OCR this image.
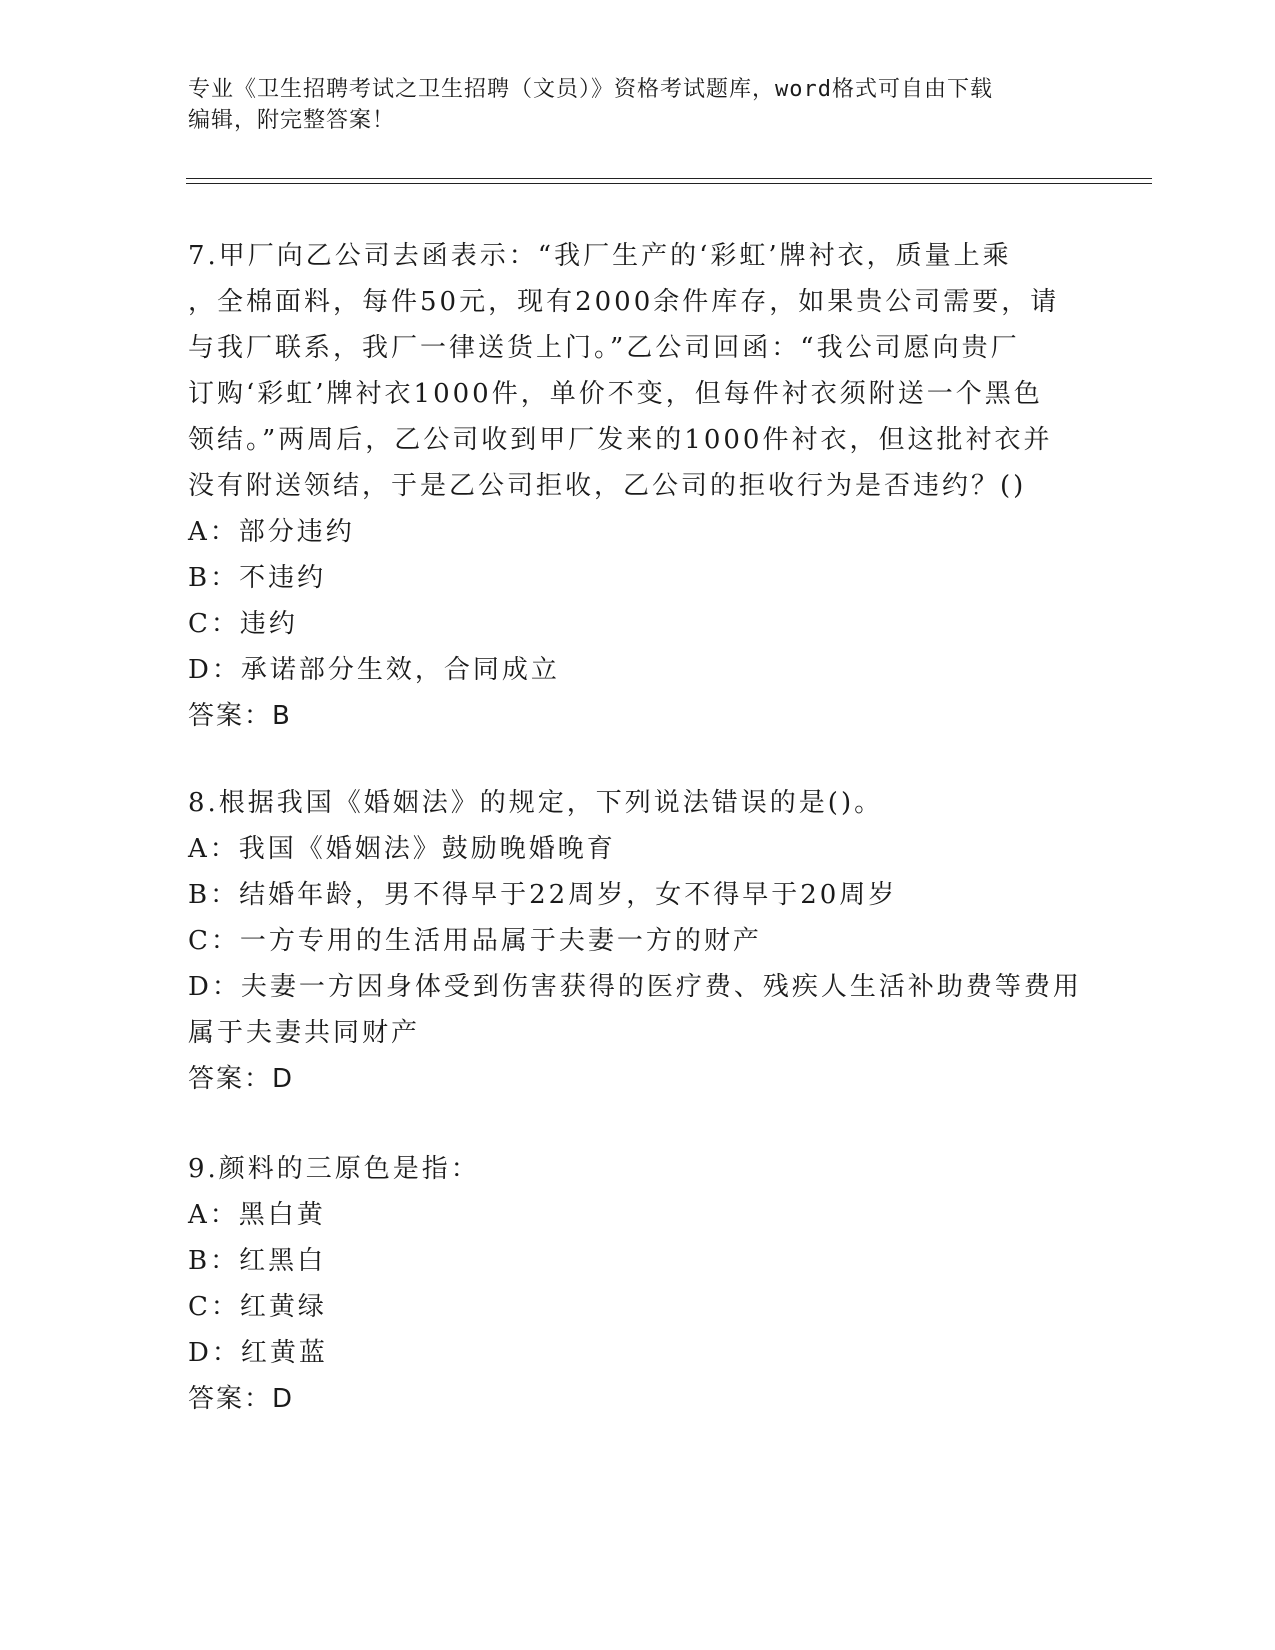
专业《卫生招聘考试之卫生招聘（文员）》资格考试题库，word格式可自由下载
编辑，附完整答案！
7.甲厂向乙公司去函表示：“我厂生产的‘彩虹’牌衬衣，质量上乘
，全棉面料，每件50元，现有2000余件库存，如果贵公司需要，请
与我厂联系，我厂一律送货上门。”乙公司回函：“我公司愿向贵厂
订购‘彩虹’牌衬衣1000件，单价不变，但每件衬衣须附送一个黑色
领结。”两周后，乙公司收到甲厂发来的1000件衬衣，但这批衬衣并
没有附送领结，于是乙公司拒收，乙公司的拒收行为是否违约？()
A：部分违约
B：不违约
C：违约
D：承诺部分生效，合同成立
答案：B
8.根据我国《婚姻法》的规定，下列说法错误的是()。
A：我国《婚姻法》鼓励晚婚晚育
B：结婚年龄，男不得早于22周岁，女不得早于20周岁
C：一方专用的生活用品属于夫妻一方的财产
D：夫妻一方因身体受到伤害获得的医疗费、残疾人生活补助费等费用
属于夫妻共同财产
答案：D
9.颜料的三原色是指：
A：黑白黄
B：红黑白
C：红黄绿
D：红黄蓝
答案：D
